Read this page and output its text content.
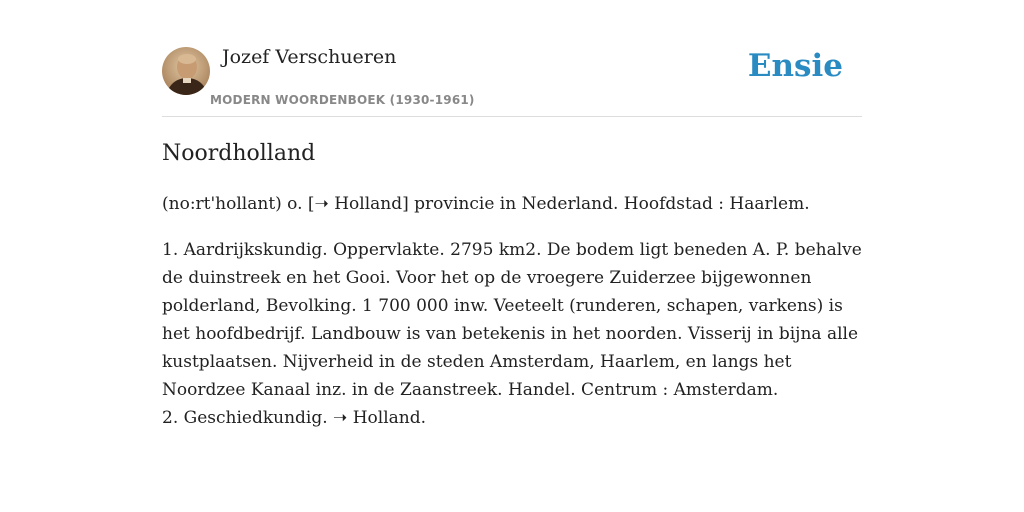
Jozef Verschueren
MODERN WOORDENBOEK (1930-1961)
Ensie
Noordholland

(no:rt'hollant) o. [➝ Holland] provincie in Nederland. Hoofdstad : Haarlem.

1. Aardrijkskundig. Oppervlakte. 2795 km2. De bodem ligt beneden A. P. behalve
de duinstreek en het Gooi. Voor het op de vroegere Zuiderzee bijgewonnen
polderland, Bevolking. 1 700 000 inw. Veeteelt (runderen, schapen, varkens) is
het hoofdbedrijf. Landbouw is van betekenis in het noorden. Visserij in bijna alle
kustplaatsen. Nijverheid in de steden Amsterdam, Haarlem, en langs het
Noordzee Kanaal inz. in de Zaanstreek. Handel. Centrum : Amsterdam.
2. Geschiedkundig. ➝ Holland.
